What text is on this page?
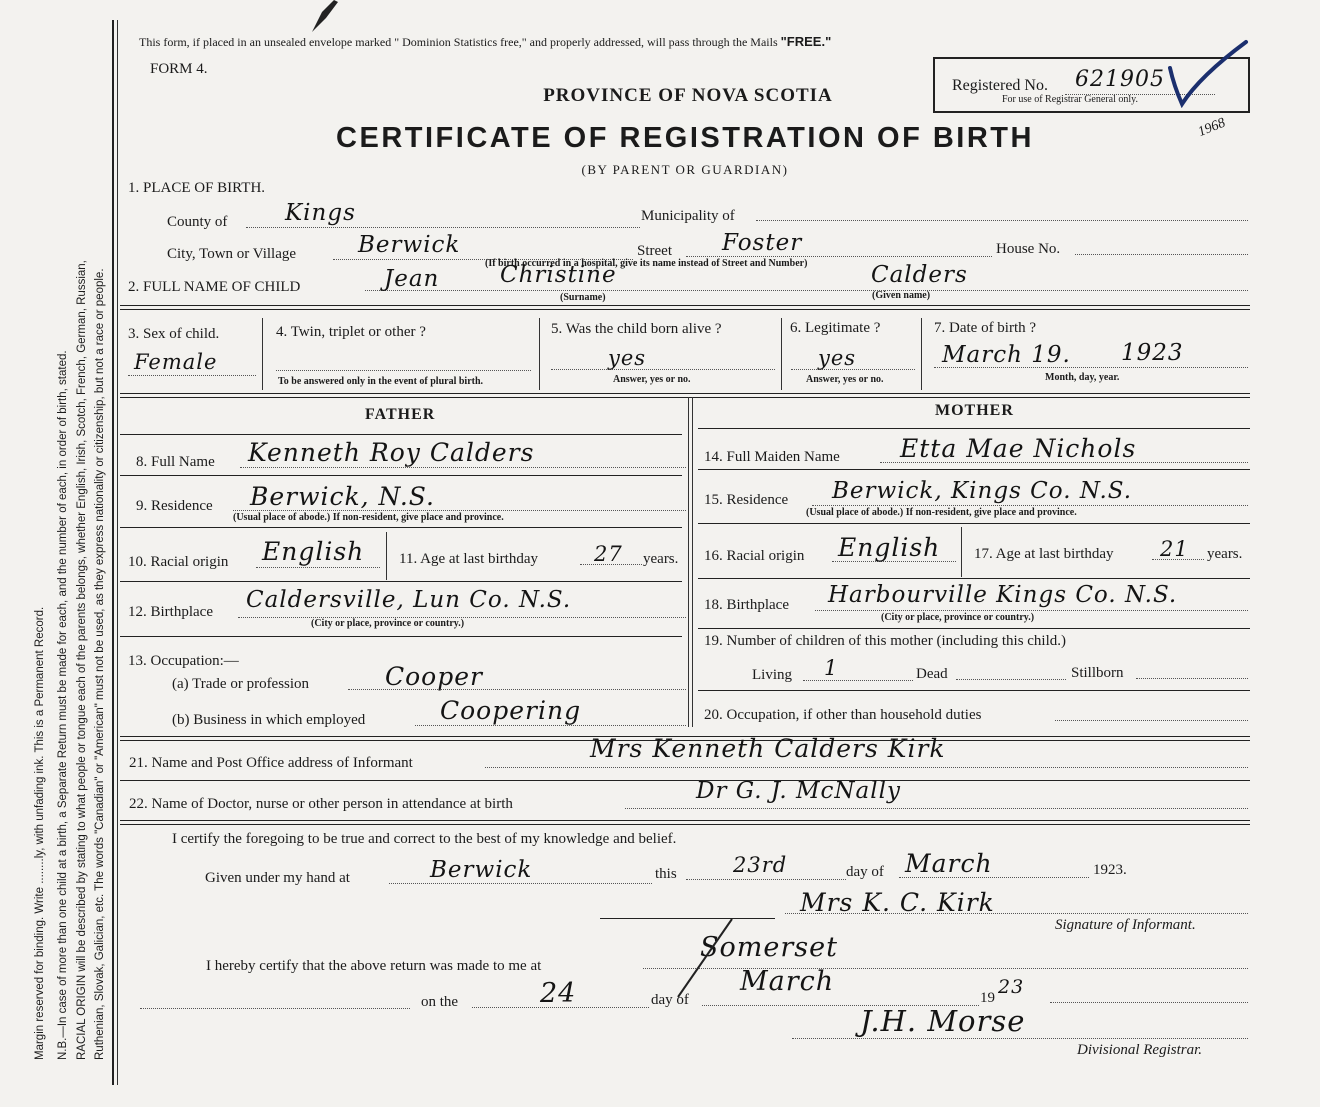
Margin reserved for binding. Write ........ly, with unfading ink. This is a Permanent Record. N.B.—In case of more than one child at a birth, a Separate Return must be made for each, and the number of each, in order of birth, stated. RACIAL ORIGIN will be described by stating to what people or tongue each of the parents belongs, whether English, Irish, Scotch, French, German, Russian, Ruthenian, Slovak, Galician, etc. The words "Canadian" or "American" must not be used, as they express nationality or citizenship, but not a race or people.
This form, if placed in an unsealed envelope marked " Dominion Statistics free," and properly addressed, will pass through the Mails "FREE."
FORM 4.
PROVINCE OF NOVA SCOTIA
CERTIFICATE OF REGISTRATION OF BIRTH
(BY PARENT OR GUARDIAN)
Registered No. 621905
For use of Registrar General only.
1968
1. PLACE OF BIRTH.
County of	Kings	Municipality of
City, Town or Village	Berwick	Street Foster	House No.
(If birth occurred in a hospital, give its name instead of Street and Number)
2. FULL NAME OF CHILD	Jean	Christine	Calders
(Surname)	(Given name)
3. Sex of child.
Female
4. Twin, triplet or other ?
To be answered only in the event of plural birth.
5. Was the child born alive ?
yes
Answer, yes or no.
6. Legitimate ?
yes
Answer, yes or no.
7. Date of birth ?
March 19. 1923
Month, day, year.
FATHER
8. Full Name Kenneth Roy Calders
9. Residence Berwick, N.S.
(Usual place of abode.) If non-resident, give place and province.
10. Racial origin English 11. Age at last birthday	27 years.
12. Birthplace Caldersville, Lun Co. N.S.
(City or place, province or country.)
13. Occupation:—
(a) Trade or profession	Cooper
(b) Business in which employed	Coopering
MOTHER
14. Full Maiden Name Etta Mae Nichols
15. Residence Berwick, Kings Co. N.S.
(Usual place of abode.) If non-resident, give place and province.
16. Racial origin English 17. Age at last birthday 21 years.
18. Birthplace Harbourville Kings Co. N.S.
(City or place, province or country.)
19. Number of children of this mother (including this child.)
Living 1	Dead	Stillborn
20. Occupation, if other than household duties
21. Name and Post Office address of Informant	Mrs Kenneth Calders Kirk
22. Name of Doctor, nurse or other person in attendance at birth	Dr G. J. McNally
I certify the foregoing to be true and correct to the best of my knowledge and belief.
Given under my hand at	Berwick	this	23rd	day of March	1923.
Mrs K. C. Kirk
Signature of Informant.
I hereby certify that the above return was made to me at
Somerset
on the	24	day of
March
19 23
J.H. Morse
Divisional Registrar.
